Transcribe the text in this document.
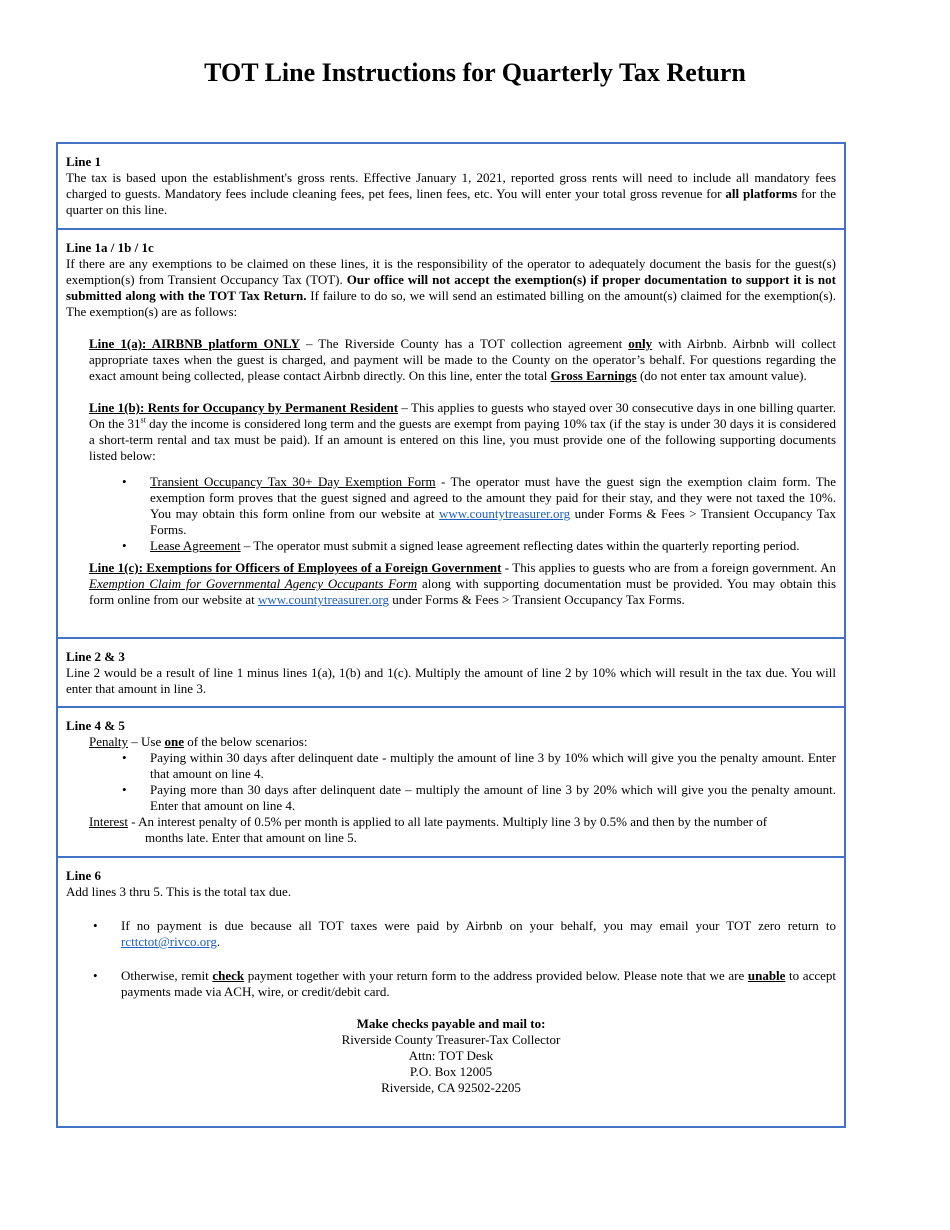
TOT Line Instructions for Quarterly Tax Return
Line 1
The tax is based upon the establishment's gross rents. Effective January 1, 2021, reported gross rents will need to include all mandatory fees charged to guests. Mandatory fees include cleaning fees, pet fees, linen fees, etc. You will enter your total gross revenue for all platforms for the quarter on this line.
Line 1a / 1b / 1c
If there are any exemptions to be claimed on these lines, it is the responsibility of the operator to adequately document the basis for the guest(s) exemption(s) from Transient Occupancy Tax (TOT). Our office will not accept the exemption(s) if proper documentation to support it is not submitted along with the TOT Tax Return. If failure to do so, we will send an estimated billing on the amount(s) claimed for the exemption(s). The exemption(s) are as follows:
Line 1(a): AIRBNB platform ONLY – The Riverside County has a TOT collection agreement only with Airbnb. Airbnb will collect appropriate taxes when the guest is charged, and payment will be made to the County on the operator’s behalf. For questions regarding the exact amount being collected, please contact Airbnb directly. On this line, enter the total Gross Earnings (do not enter tax amount value).
Line 1(b): Rents for Occupancy by Permanent Resident – This applies to guests who stayed over 30 consecutive days in one billing quarter. On the 31st day the income is considered long term and the guests are exempt from paying 10% tax (if the stay is under 30 days it is considered a short-term rental and tax must be paid). If an amount is entered on this line, you must provide one of the following supporting documents listed below:
• Transient Occupancy Tax 30+ Day Exemption Form - The operator must have the guest sign the exemption claim form. The exemption form proves that the guest signed and agreed to the amount they paid for their stay, and they were not taxed the 10%. You may obtain this form online from our website at www.countytreasurer.org under Forms & Fees > Transient Occupancy Tax Forms.
• Lease Agreement – The operator must submit a signed lease agreement reflecting dates within the quarterly reporting period.
Line 1(c): Exemptions for Officers of Employees of a Foreign Government - This applies to guests who are from a foreign government. An Exemption Claim for Governmental Agency Occupants Form along with supporting documentation must be provided. You may obtain this form online from our website at www.countytreasurer.org under Forms & Fees > Transient Occupancy Tax Forms.
Line 2 & 3
Line 2 would be a result of line 1 minus lines 1(a), 1(b) and 1(c). Multiply the amount of line 2 by 10% which will result in the tax due. You will enter that amount in line 3.
Line 4 & 5
Penalty – Use one of the below scenarios:
• Paying within 30 days after delinquent date - multiply the amount of line 3 by 10% which will give you the penalty amount. Enter that amount on line 4.
• Paying more than 30 days after delinquent date – multiply the amount of line 3 by 20% which will give you the penalty amount. Enter that amount on line 4.
Interest - An interest penalty of 0.5% per month is applied to all late payments. Multiply line 3 by 0.5% and then by the number of
months late. Enter that amount on line 5.
Line 6
Add lines 3 thru 5. This is the total tax due.
• If no payment is due because all TOT taxes were paid by Airbnb on your behalf, you may email your TOT zero return to rcttctot@rivco.org.
• Otherwise, remit check payment together with your return form to the address provided below. Please note that we are unable to accept payments made via ACH, wire, or credit/debit card.
Make checks payable and mail to:
Riverside County Treasurer-Tax Collector
Attn: TOT Desk
P.O. Box 12005
Riverside, CA 92502-2205
